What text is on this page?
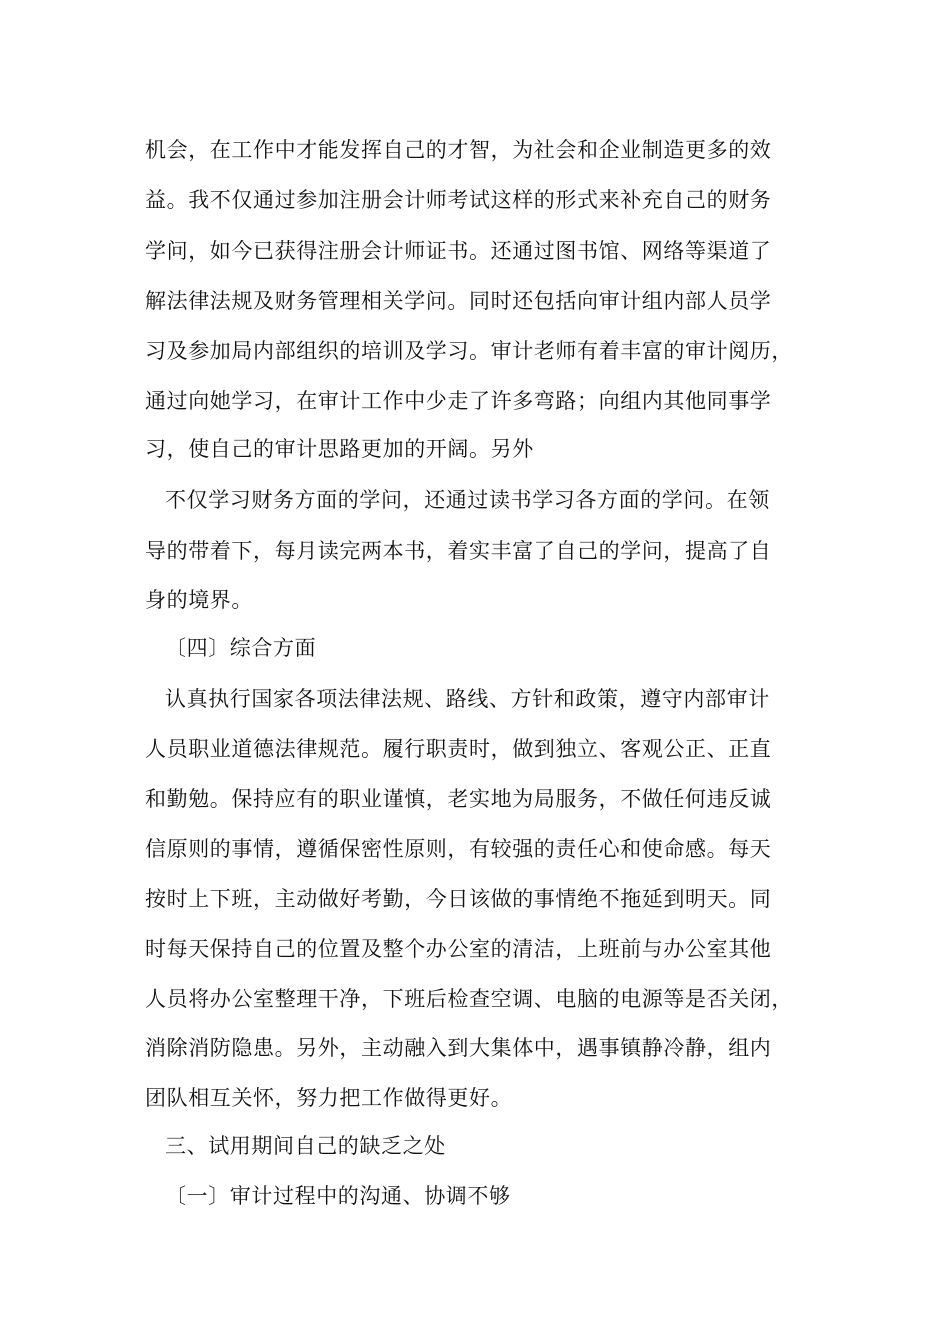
机会，在工作中才能发挥自己的才智，为社会和企业制造更多的效
益。我不仅通过参加注册会计师考试这样的形式来补充自己的财务
学问，如今已获得注册会计师证书。还通过图书馆、网络等渠道了
解法律法规及财务管理相关学问。同时还包括向审计组内部人员学
习及参加局内部组织的培训及学习。审计老师有着丰富的审计阅历，
通过向她学习，在审计工作中少走了许多弯路；向组内其他同事学
习，使自己的审计思路更加的开阔。另外
不仅学习财务方面的学问，还通过读书学习各方面的学问。在领
导的带着下，每月读完两本书，着实丰富了自己的学问，提高了自
身的境界。
〔四〕综合方面
认真执行国家各项法律法规、路线、方针和政策，遵守内部审计
人员职业道德法律规范。履行职责时，做到独立、客观公正、正直
和勤勉。保持应有的职业谨慎，老实地为局服务，不做任何违反诚
信原则的事情，遵循保密性原则，有较强的责任心和使命感。每天
按时上下班，主动做好考勤，今日该做的事情绝不拖延到明天。同
时每天保持自己的位置及整个办公室的清洁，上班前与办公室其他
人员将办公室整理干净，下班后检查空调、电脑的电源等是否关闭，
消除消防隐患。另外，主动融入到大集体中，遇事镇静冷静，组内
团队相互关怀，努力把工作做得更好。
三、试用期间自己的缺乏之处
〔一〕审计过程中的沟通、协调不够
